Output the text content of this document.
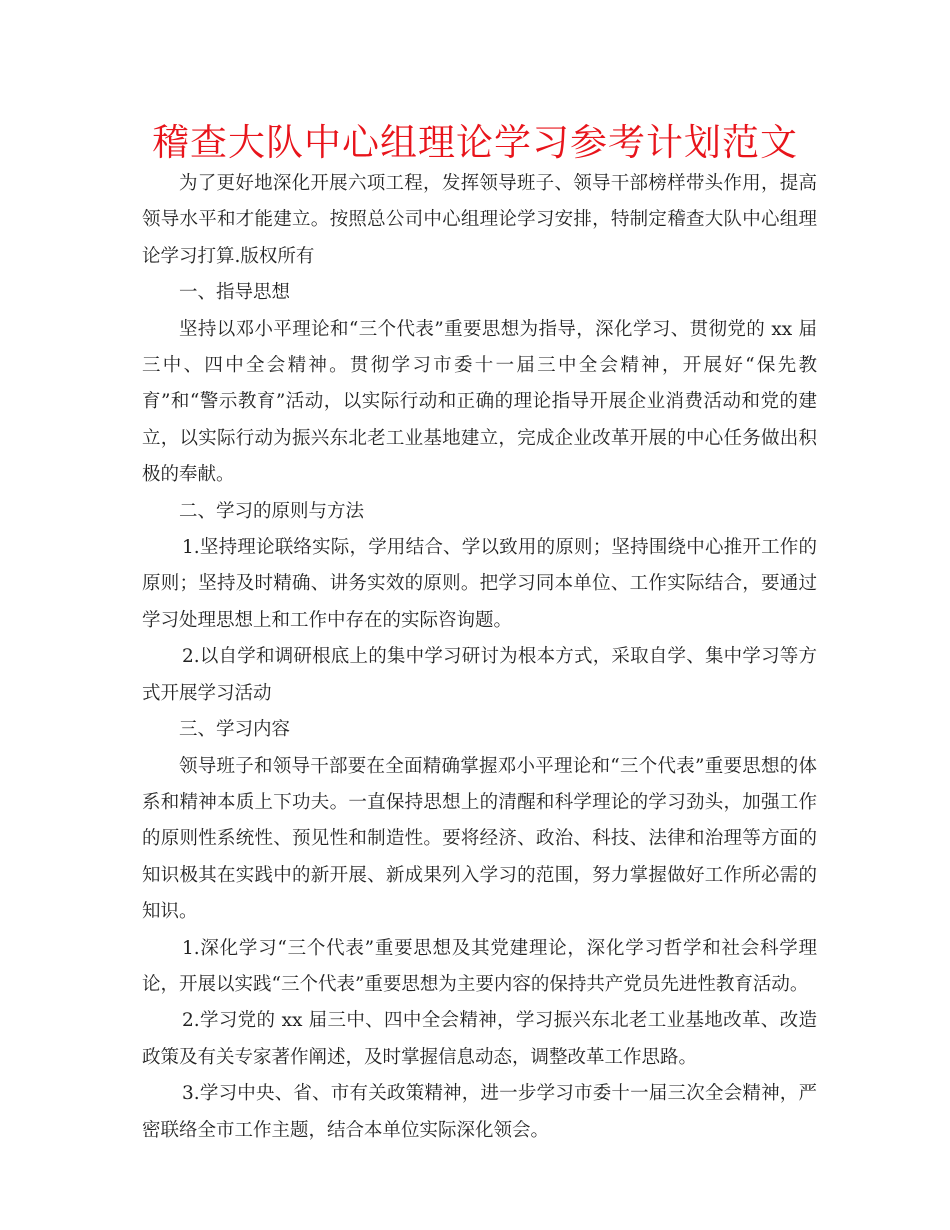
稽查大队中心组理论学习参考计划范文

为了更好地深化开展六项工程，发挥领导班子、领导干部榜样带头作用，提高领导水平和才能建立。按照总公司中心组理论学习安排，特制定稽查大队中心组理论学习打算.版权所有

一、指导思想

坚持以邓小平理论和“三个代表”重要思想为指导，深化学习、贯彻党的 xx 届三中、四中全会精神。贯彻学习市委十一届三中全会精神，开展好“保先教育”和“警示教育”活动，以实际行动和正确的理论指导开展企业消费活动和党的建立，以实际行动为振兴东北老工业基地建立，完成企业改革开展的中心任务做出积极的奉献。

二、学习的原则与方法

1.坚持理论联络实际，学用结合、学以致用的原则；坚持围绕中心推开工作的原则；坚持及时精确、讲务实效的原则。把学习同本单位、工作实际结合，要通过学习处理思想上和工作中存在的实际咨询题。

2.以自学和调研根底上的集中学习研讨为根本方式，采取自学、集中学习等方式开展学习活动

三、学习内容

领导班子和领导干部要在全面精确掌握邓小平理论和“三个代表”重要思想的体系和精神本质上下功夫。一直保持思想上的清醒和科学理论的学习劲头，加强工作的原则性系统性、预见性和制造性。要将经济、政治、科技、法律和治理等方面的知识极其在实践中的新开展、新成果列入学习的范围，努力掌握做好工作所必需的知识。

1.深化学习“三个代表”重要思想及其党建理论，深化学习哲学和社会科学理论，开展以实践“三个代表”重要思想为主要内容的保持共产党员先进性教育活动。

2.学习党的 xx 届三中、四中全会精神，学习振兴东北老工业基地改革、改造政策及有关专家著作阐述，及时掌握信息动态，调整改革工作思路。

3.学习中央、省、市有关政策精神，进一步学习市委十一届三次全会精神，严密联络全市工作主题，结合本单位实际深化领会。
